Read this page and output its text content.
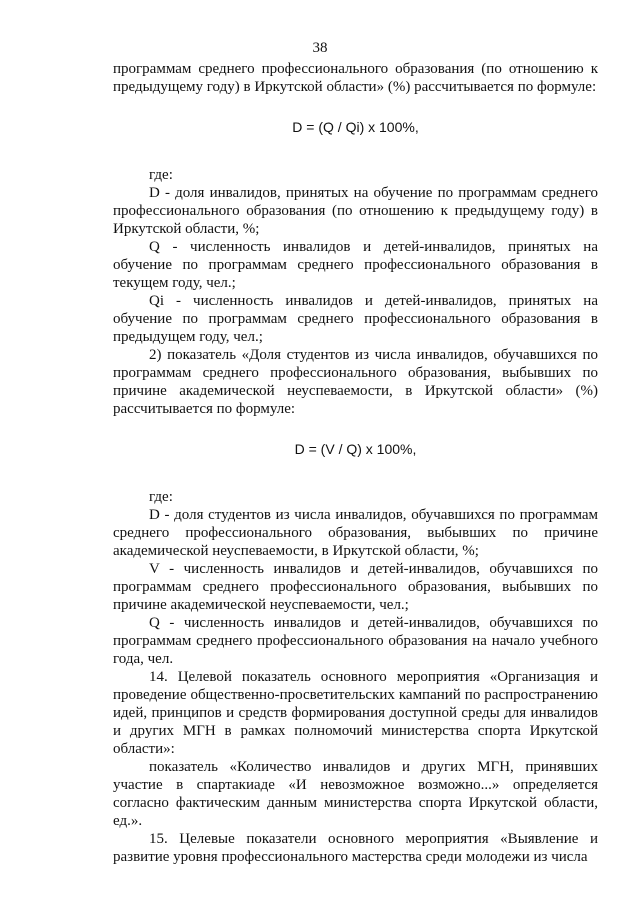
38

программам среднего профессионального образования (по отношению к предыдущему году) в Иркутской области» (%) рассчитывается по формуле:

D = (Q / Qi) x 100%,

где:

D - доля инвалидов, принятых на обучение по программам среднего профессионального образования (по отношению к предыдущему году) в Иркутской области, %;

Q - численность инвалидов и детей-инвалидов, принятых на обучение по программам среднего профессионального образования в текущем году, чел.;

Qi - численность инвалидов и детей-инвалидов, принятых на обучение по программам среднего профессионального образования в предыдущем году, чел.;

2) показатель «Доля студентов из числа инвалидов, обучавшихся по программам среднего профессионального образования, выбывших по причине академической неуспеваемости, в Иркутской области» (%) рассчитывается по формуле:

D = (V / Q) x 100%,

где:

D - доля студентов из числа инвалидов, обучавшихся по программам среднего профессионального образования, выбывших по причине академической неуспеваемости, в Иркутской области, %;

V - численность инвалидов и детей-инвалидов, обучавшихся по программам среднего профессионального образования, выбывших по причине академической неуспеваемости, чел.;

Q - численность инвалидов и детей-инвалидов, обучавшихся по программам среднего профессионального образования на начало учебного года, чел.

14. Целевой показатель основного мероприятия «Организация и проведение общественно-просветительских кампаний по распространению идей, принципов и средств формирования доступной среды для инвалидов и других МГН в рамках полномочий министерства спорта Иркутской области»:

показатель «Количество инвалидов и других МГН, принявших участие в спартакиаде «И невозможное возможно...» определяется согласно фактическим данным министерства спорта Иркутской области, ед.».

15. Целевые показатели основного мероприятия «Выявление и развитие уровня профессионального мастерства среди молодежи из числа
